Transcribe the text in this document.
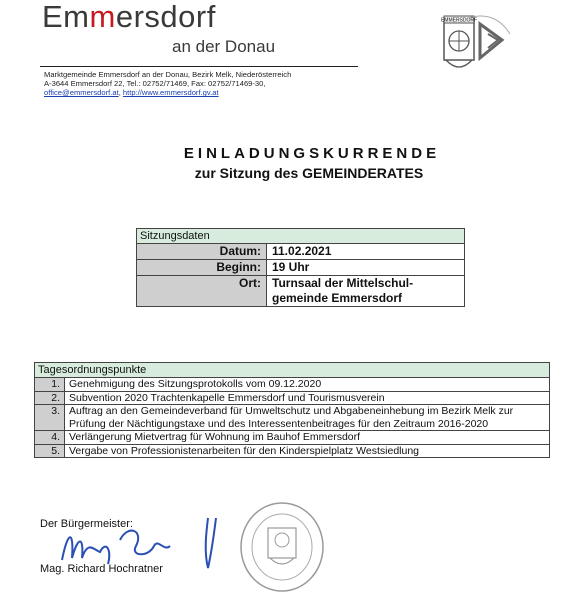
Emmersdorf
an der Donau
Marktgemeinde Emmersdorf an der Donau, Bezirk Melk, Niederösterreich
A-3644 Emmersdorf 22, Tel.: 02752/71469, Fax: 02752/71469-30,
office@emmersdorf.at, http://www.emmersdorf.gv.at
EMMERSDORF
EINLADUNGSKURRENDE
zur Sitzung des GEMEINDERATES
Sitzungsdaten
Datum: 11.02.2021
Beginn: 19 Uhr
Ort: Turnsaal der Mittelschul-gemeinde Emmersdorf
Tagesordnungspunkte
1. Genehmigung des Sitzungsprotokolls vom 09.12.2020
2. Subvention 2020 Trachtenkapelle Emmersdorf und Tourismusverein
3. Auftrag an den Gemeindeverband für Umweltschutz und Abgabeneinhebung im Bezirk Melk zur Prüfung der Nächtigungstaxe und des Interessentenbeitrages für den Zeitraum 2016-2020
4. Verlängerung Mietvertrag für Wohnung im Bauhof Emmersdorf
5. Vergabe von Professionistenarbeiten für den Kinderspielplatz Westsiedlung
Der Bürgermeister:
Mag. Richard Hochratner
